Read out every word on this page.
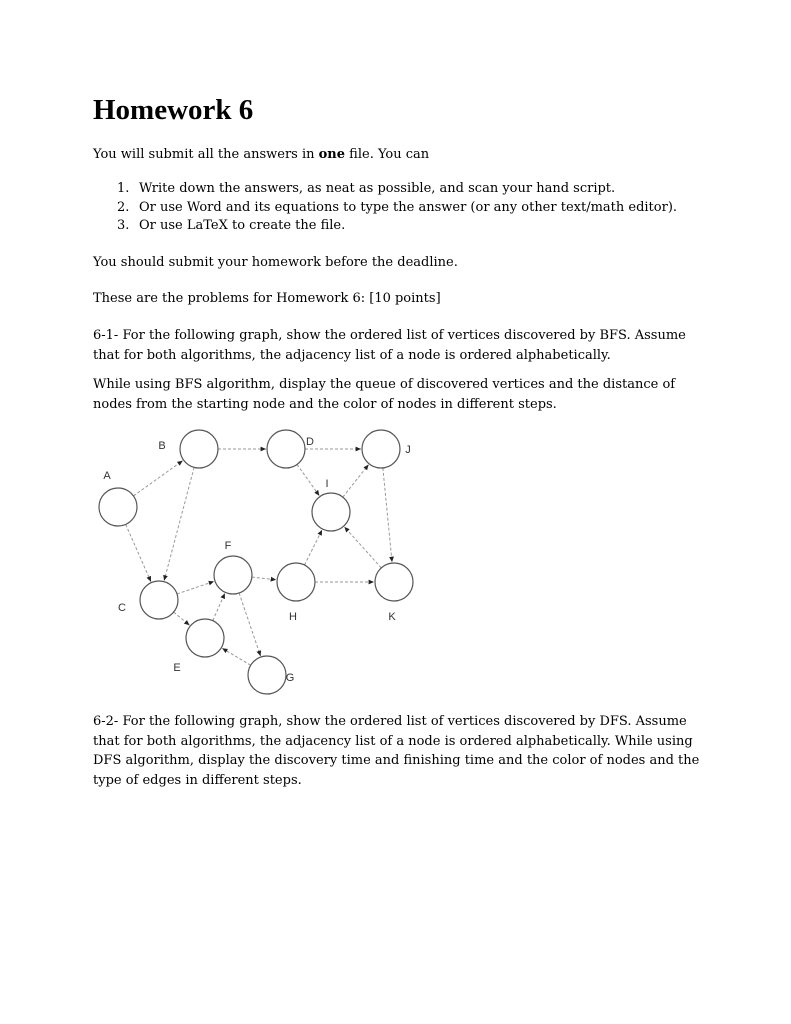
Homework 6

You will submit all the answers in one file. You can

1. Write down the answers, as neat as possible, and scan your hand script.
2. Or use Word and its equations to type the answer (or any other text/math editor).
3. Or use LaTeX to create the file.

You should submit your homework before the deadline.

These are the problems for Homework 6: [10 points]

6-1- For the following graph, show the ordered list of vertices discovered by BFS. Assume that for both algorithms, the adjacency list of a node is ordered alphabetically.

While using BFS algorithm, display the queue of discovered vertices and the distance of nodes from the starting node and the color of nodes in different steps.

A
B
C
D
E
F
G
H
I
J
K

6-2- For the following graph, show the ordered list of vertices discovered by DFS. Assume that for both algorithms, the adjacency list of a node is ordered alphabetically. While using DFS algorithm, display the discovery time and finishing time and the color of nodes and the type of edges in different steps.
